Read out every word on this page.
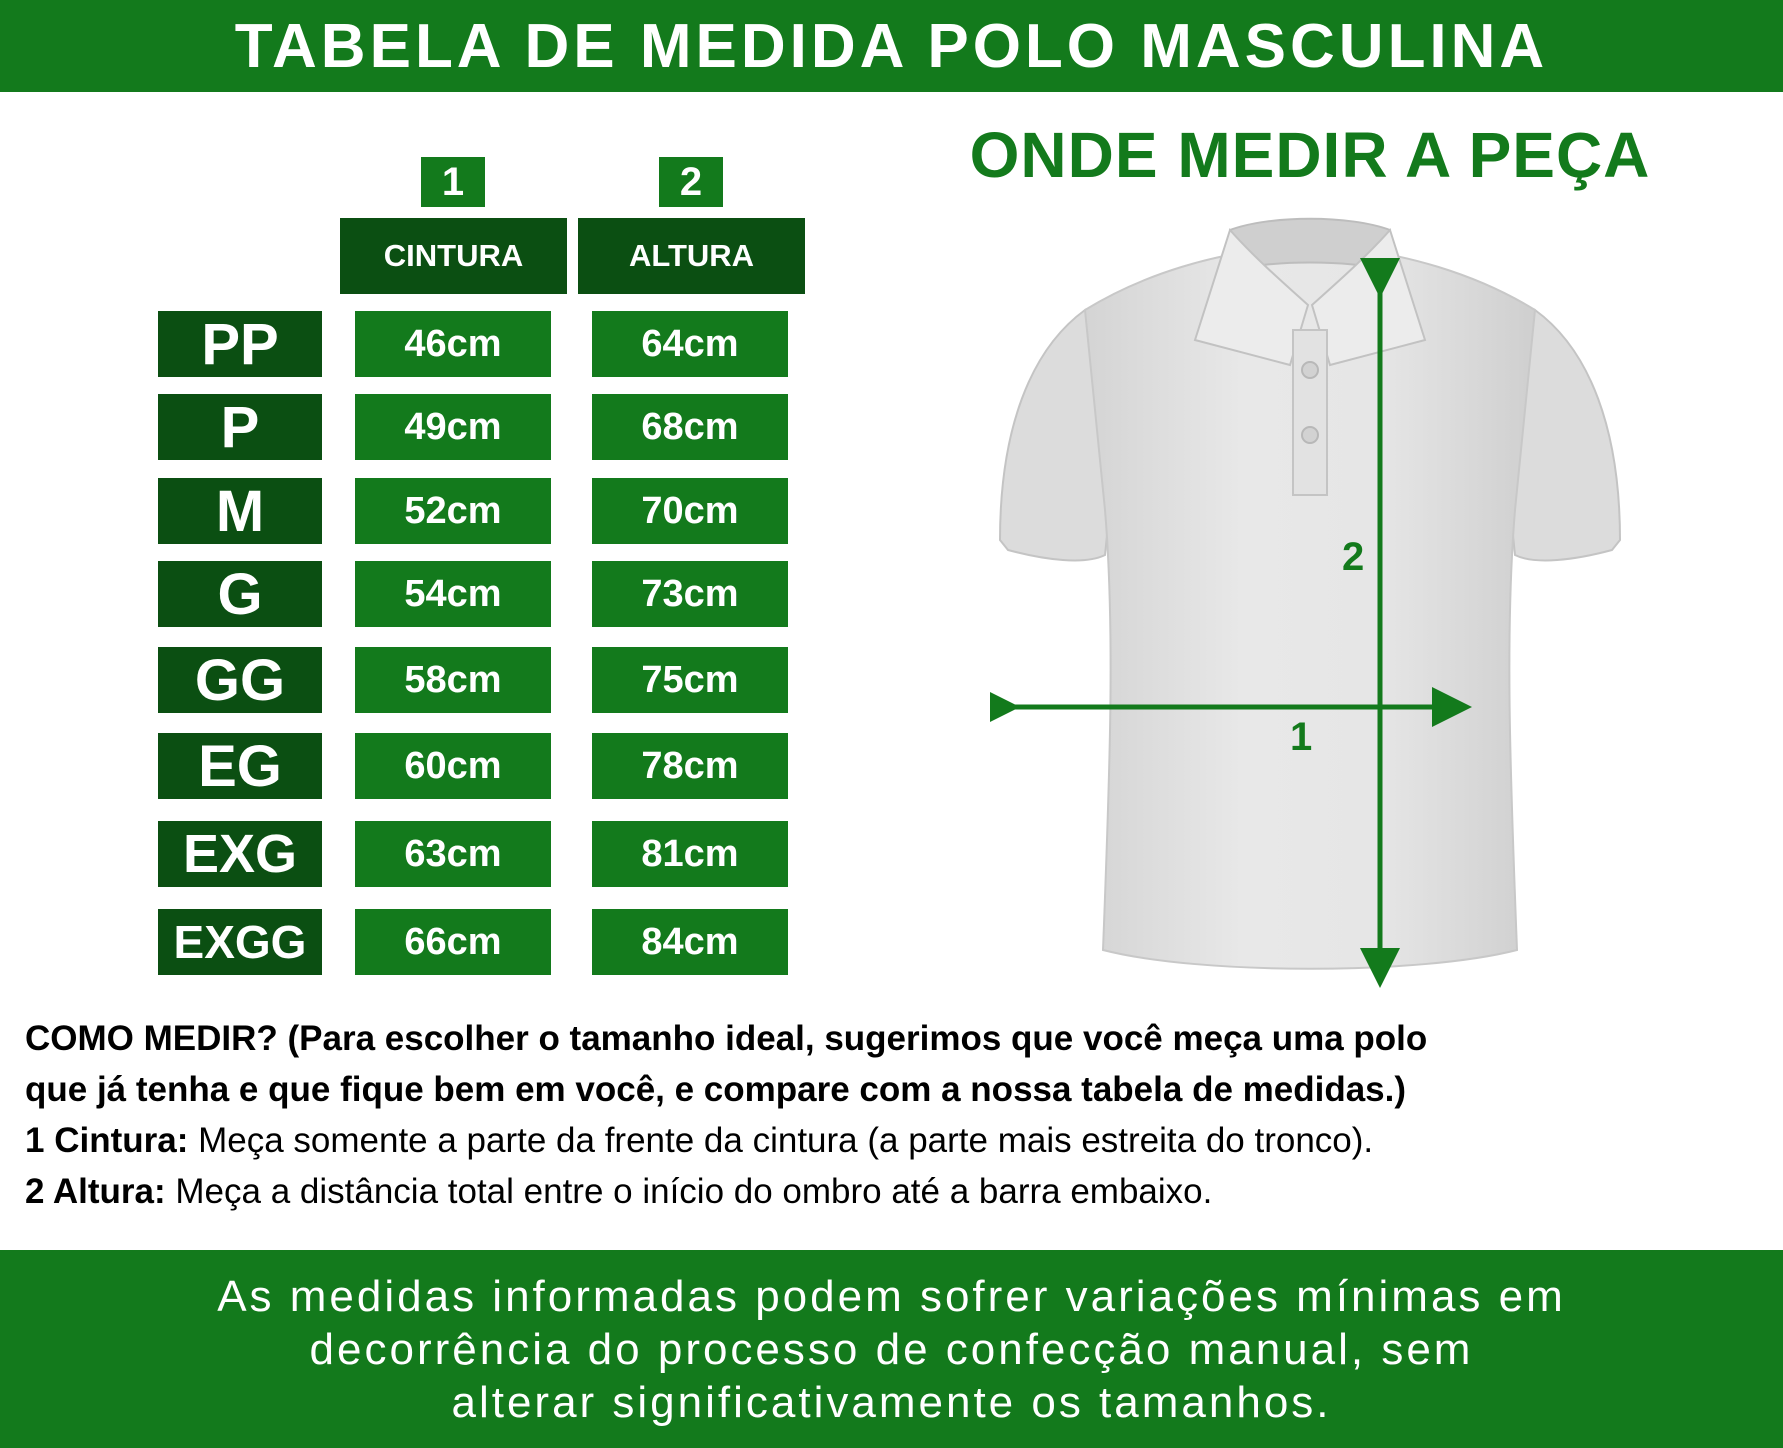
TABELA DE MEDIDA POLO MASCULINA
ONDE MEDIR A PEÇA
1	2
CINTURA	ALTURA
PP	46cm	64cm
P	49cm	68cm
M	52cm	70cm
G	54cm	73cm
GG	58cm	75cm
EG	60cm	78cm
EXG	63cm	81cm
EXGG	66cm	84cm
2
1

COMO MEDIR? (Para escolher o tamanho ideal, sugerimos que você meça uma polo

que já tenha e que fique bem em você, e compare com a nossa tabela de medidas.)

1 Cintura: Meça somente a parte da frente da cintura (a parte mais estreita do tronco).

2 Altura: Meça a distância total entre o início do ombro até a barra embaixo.

As medidas informadas podem sofrer variações mínimas em
decorrência do processo de confecção manual, sem
alterar significativamente os tamanhos.
